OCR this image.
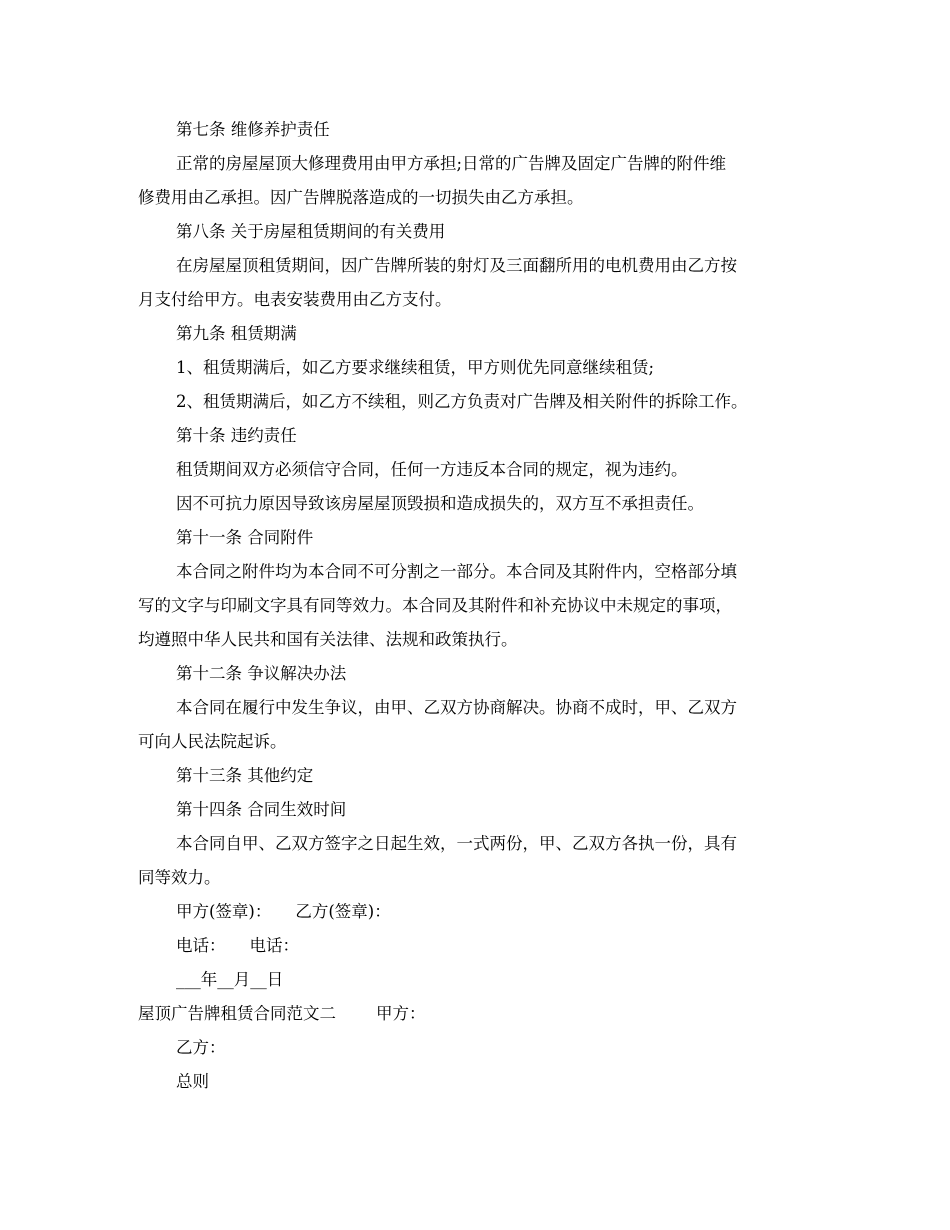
第七条 维修养护责任
正常的房屋屋顶大修理费用由甲方承担;日常的广告牌及固定广告牌的附件维
修费用由乙承担。因广告牌脱落造成的一切损失由乙方承担。
第八条 关于房屋租赁期间的有关费用
在房屋屋顶租赁期间，因广告牌所装的射灯及三面翻所用的电机费用由乙方按
月支付给甲方。电表安装费用由乙方支付。
第九条 租赁期满
1、租赁期满后，如乙方要求继续租赁，甲方则优先同意继续租赁;
2、租赁期满后，如乙方不续租，则乙方负责对广告牌及相关附件的拆除工作。
第十条 违约责任
租赁期间双方必须信守合同，任何一方违反本合同的规定，视为违约。
因不可抗力原因导致该房屋屋顶毁损和造成损失的，双方互不承担责任。
第十一条 合同附件
本合同之附件均为本合同不可分割之一部分。本合同及其附件内，空格部分填
写的文字与印刷文字具有同等效力。本合同及其附件和补充协议中未规定的事项，
均遵照中华人民共和国有关法律、法规和政策执行。
第十二条 争议解决办法
本合同在履行中发生争议，由甲、乙双方协商解决。协商不成时，甲、乙双方
可向人民法院起诉。
第十三条 其他约定
第十四条 合同生效时间
本合同自甲、乙双方签字之日起生效，一式两份，甲、乙双方各执一份，具有
同等效力。
甲方(签章)： 乙方(签章)：
电话： 电话：
___年__月__日
屋顶广告牌租赁合同范文二 甲方：
乙方：
总则
